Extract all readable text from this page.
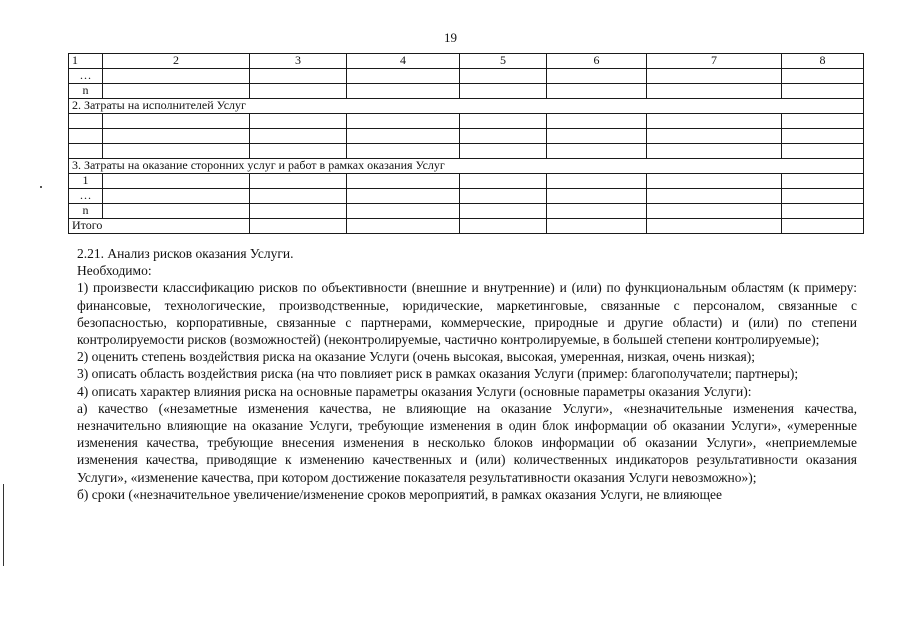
19
1	2	3	4	5	6	7	8
…							
n							
2. Затраты на исполнителей Услуг							

3. Затраты на оказание сторонних услуг и работ в рамках оказания Услуг							
1							
…							
n							
Итого							

2.21. Анализ рисков оказания Услуги.

Необходимо:

1) произвести классификацию рисков по объективности (внешние и внутренние) и (или) по функциональным областям (к примеру: финансовые, технологические, производственные, юридические, маркетинговые, связанные с персоналом, связанные с безопасностью, корпоративные, связанные с партнерами, коммерческие, природные и другие области) и (или) по степени контролируемости рисков (возможностей) (неконтролируемые, частично контролируемые, в большей степени контролируемые);

2) оценить степень воздействия риска на оказание Услуги (очень высокая, высокая, умеренная, низкая, очень низкая);

3) описать область воздействия риска (на что повлияет риск в рамках оказания Услуги (пример: благополучатели; партнеры);

4) описать характер влияния риска на основные параметры оказания Услуги (основные параметры оказания Услуги):

а) качество («незаметные изменения качества, не влияющие на оказание Услуги», «незначительные изменения качества, незначительно влияющие на оказание Услуги, требующие изменения в один блок информации об оказании Услуги», «умеренные изменения качества, требующие внесения изменения в несколько блоков информации об оказании Услуги», «неприемлемые изменения качества, приводящие к изменению качественных и (или) количественных индикаторов результативности оказания Услуги», «изменение качества, при котором достижение показателя результативности оказания Услуги невозможно»);

б) сроки («незначительное увеличение/изменение сроков мероприятий, в рамках оказания Услуги, не влияющее
